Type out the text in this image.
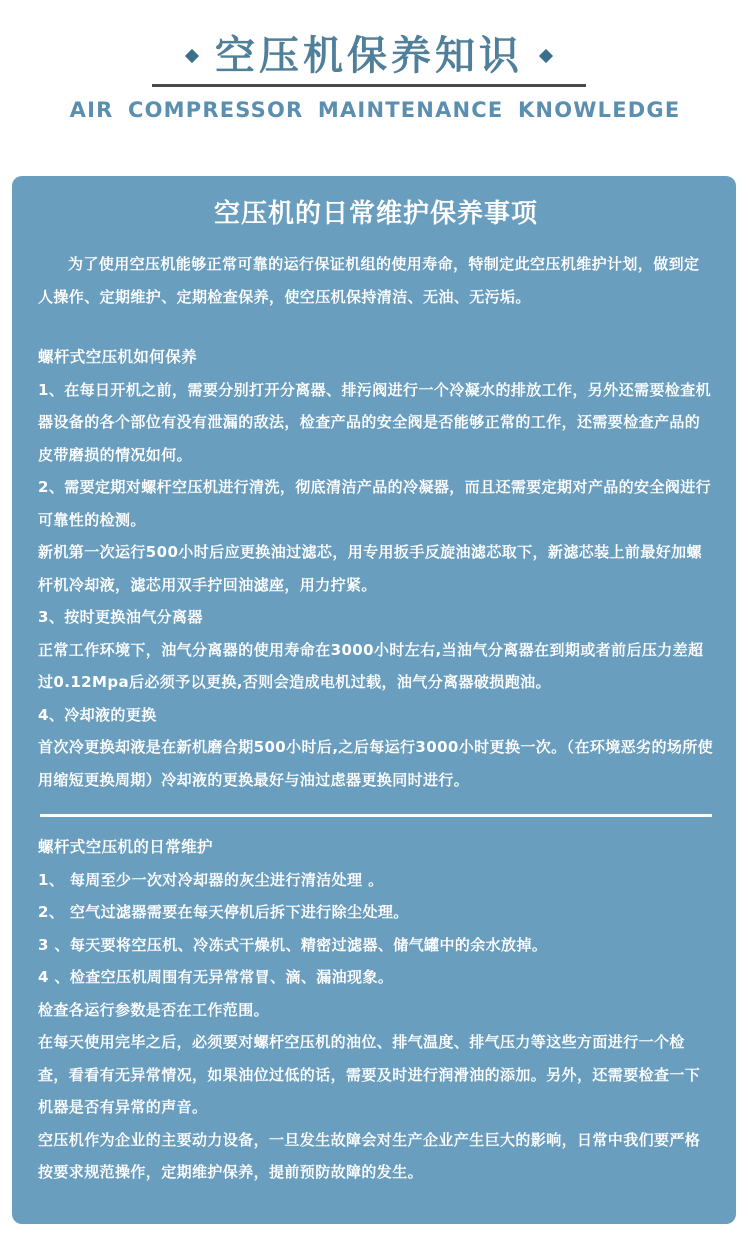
空压机保养知识
AIR COMPRESSOR MAINTENANCE KNOWLEDGE
空压机的日常维护保养事项

为了使用空压机能够正常可靠的运行保证机组的使用寿命，特制定此空压机维护计划，做到定人操作、定期维护、定期检查保养，使空压机保持清洁、无油、无污垢。

螺杆式空压机如何保养

1、在每日开机之前，需要分别打开分离器、排污阀进行一个冷凝水的排放工作，另外还需要检查机器设备的各个部位有没有泄漏的敌法，检查产品的安全阀是否能够正常的工作，还需要检查产品的皮带磨损的情况如何。

2、需要定期对螺杆空压机进行清洗，彻底清洁产品的冷凝器，而且还需要定期对产品的安全阀进行可靠性的检测。

新机第一次运行500小时后应更换油过滤芯，用专用扳手反旋油滤芯取下，新滤芯装上前最好加螺杆机冷却液，滤芯用双手拧回油滤座，用力拧紧。

3、按时更换油气分离器

正常工作环境下，油气分离器的使用寿命在3000小时左右,当油气分离器在到期或者前后压力差超过0.12Mpa后必须予以更换,否则会造成电机过载，油气分离器破损跑油。

4、冷却液的更换

首次冷更换却液是在新机磨合期500小时后,之后每运行3000小时更换一次。（在环境恶劣的场所使用缩短更换周期）冷却液的更换最好与油过虑器更换同时进行。

螺杆式空压机的日常维护

1、 每周至少一次对冷却器的灰尘进行清洁处理 。

2、 空气过滤器需要在每天停机后拆下进行除尘处理。

3 、每天要将空压机、冷冻式干燥机、精密过滤器、储气罐中的余水放掉。

4 、检查空压机周围有无异常常冒、滴、漏油现象。

检查各运行参数是否在工作范围。

在每天使用完毕之后，必须要对螺杆空压机的油位、排气温度、排气压力等这些方面进行一个检查，看看有无异常情况，如果油位过低的话，需要及时进行润滑油的添加。另外，还需要检查一下机器是否有异常的声音。

空压机作为企业的主要动力设备，一旦发生故障会对生产企业产生巨大的影响，日常中我们要严格按要求规范操作，定期维护保养，提前预防故障的发生。
